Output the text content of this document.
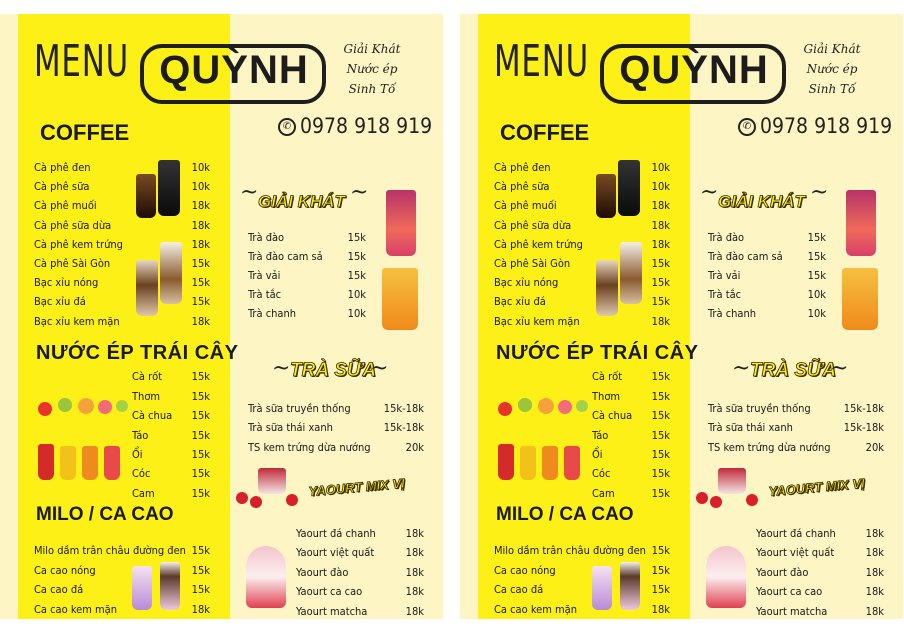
MENU QUỲNH	Giải Khát
Nước ép
Sinh Tố
✆ 0978 918 919
COFFEE
Cà phê đen	10k
Cà phê sữa	10k
Cà phê muối	18k
Cà phê sữa dừa	18k
Cà phê kem trứng	18k
Cà phê Sài Gòn	15k
Bạc xỉu nóng	15k
Bạc xỉu đá	15k
Bạc xỉu kem mặn	18k
NƯỚC ÉP TRÁI CÂY
Cà rốt	15k
Thơm	15k
Cà chua	15k
Táo	15k
Ổi	15k
Cóc	15k
Cam	15k
MILO / CA CAO
Milo dầm trân châu đường đen 15k
Ca cao nóng	15k
Ca cao đá	15k
Ca cao kem mặn	18k
~ GIẢI KHÁT ~
Trà đào	15k
Trà đào cam sả	15k
Trà vải	15k
Trà tắc	10k
Trà chanh	10k
~ TRÀ SỮA
~
Trà sữa truyền thống	15k-18k
Trà sữa thái xanh	15k-18k
TS kem trứng dừa nướng	20k
YAOURT MIX VỊ
Yaourt đá chanh	18k
Yaourt việt quất	18k
Yaourt đào	18k
Yaourt ca cao	18k
Yaourt matcha	18k
MENU QUỲNH	Giải Khát
Nước ép
Sinh Tố
✆ 0978 918 919
COFFEE
Cà phê đen	10k
Cà phê sữa	10k
Cà phê muối	18k
Cà phê sữa dừa	18k
Cà phê kem trứng	18k
Cà phê Sài Gòn	15k
Bạc xỉu nóng	15k
Bạc xỉu đá	15k
Bạc xỉu kem mặn	18k
NƯỚC ÉP TRÁI CÂY
Cà rốt	15k
Thơm	15k
Cà chua	15k
Táo	15k
Ổi	15k
Cóc	15k
Cam	15k
MILO / CA CAO
Milo dầm trân châu đường đen 15k
Ca cao nóng	15k
Ca cao đá	15k
Ca cao kem mặn	18k
~ GIẢI KHÁT ~
Trà đào	15k
Trà đào cam sả	15k
Trà vải	15k
Trà tắc	10k
Trà chanh	10k
~ TRÀ SỮA
~
Trà sữa truyền thống	15k-18k
Trà sữa thái xanh	15k-18k
TS kem trứng dừa nướng	20k
YAOURT MIX VỊ
Yaourt đá chanh	18k
Yaourt việt quất	18k
Yaourt đào	18k
Yaourt ca cao	18k
Yaourt matcha	18k
